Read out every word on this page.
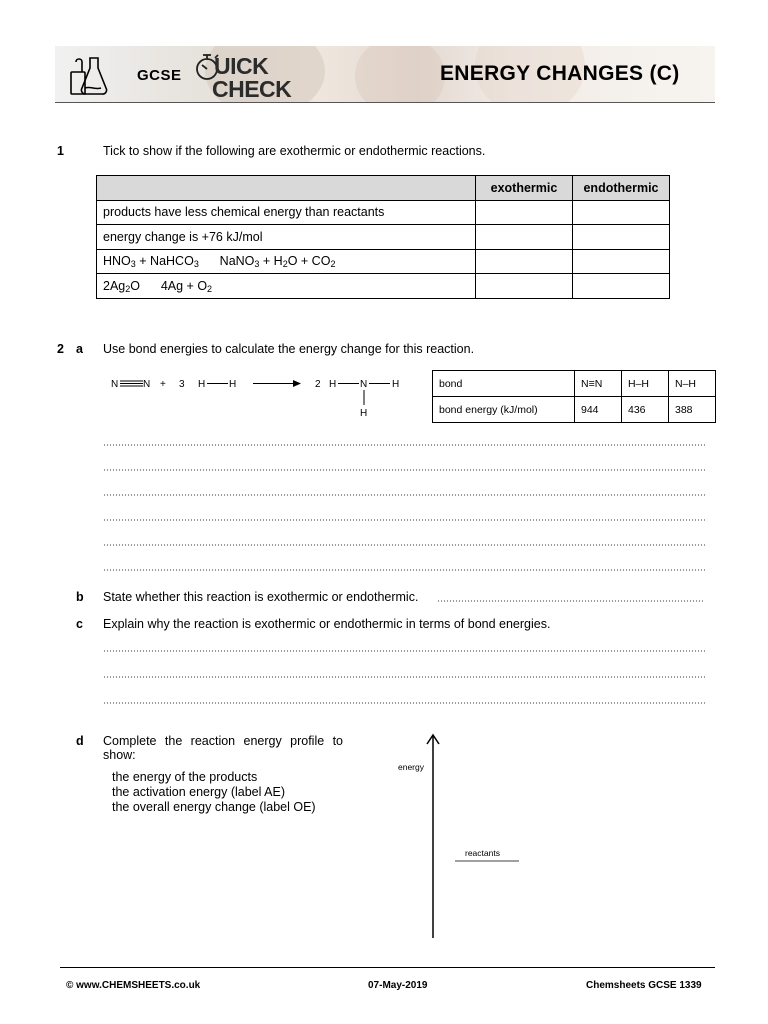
GCSE UICK
CHECK
ENERGY CHANGES (C)
1	Tick to show if the following are exothermic or endothermic reactions.
	exothermic	endothermic
products have less chemical energy than reactants		
energy change is +76 kJ/mol		
$HNO_3$ + NaHCO$_3$      NaNO$_3$ + $H_2O + CO_2$		
$2Ag_2O$      $4Ag + O_2$		
2 a Use bond energies to calculate the energy change for this reaction.
N N + 3 H H	2 H N H
H
bond	N≡N	H–H	N–H
bond energy (kJ/mol)	944	436	388
b State whether this reaction is exothermic or endothermic.
c Explain why the reaction is exothermic or endothermic in terms of bond energies.
d Complete the reaction energy profile to show:
the energy of the products
the activation energy (label AE)
the overall energy change (label OE)
energy
reactants
© www.CHEMSHEETS.co.uk	07-May-2019	Chemsheets GCSE 1339
